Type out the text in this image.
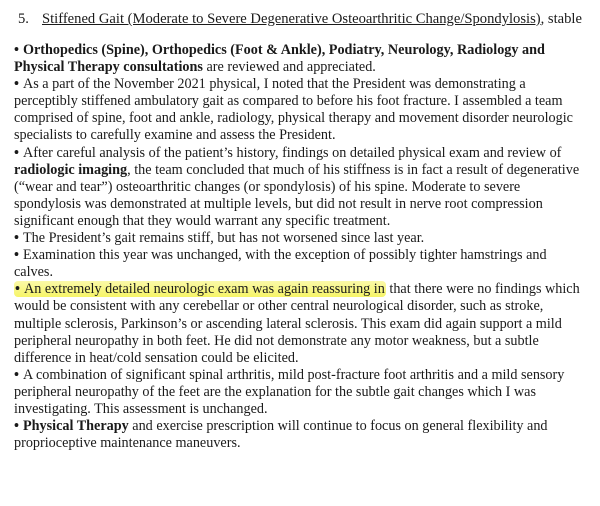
5. Stiffened Gait (Moderate to Severe Degenerative Osteoarthritic Change/Spondylosis), stable

• Orthopedics (Spine), Orthopedics (Foot & Ankle), Podiatry, Neurology, Radiology and Physical Therapy consultations are reviewed and appreciated.

• As a part of the November 2021 physical, I noted that the President was demonstrating a perceptibly stiffened ambulatory gait as compared to before his foot fracture. I assembled a team comprised of spine, foot and ankle, radiology, physical therapy and movement disorder neurologic specialists to carefully examine and assess the President.

• After careful analysis of the patient’s history, findings on detailed physical exam and review of radiologic imaging, the team concluded that much of his stiffness is in fact a result of degenerative (“wear and tear”) osteoarthritic changes (or spondylosis) of his spine. Moderate to severe spondylosis was demonstrated at multiple levels, but did not result in nerve root compression significant enough that they would warrant any specific treatment.

• The President’s gait remains stiff, but has not worsened since last year.

• Examination this year was unchanged, with the exception of possibly tighter hamstrings and calves.

• An extremely detailed neurologic exam was again reassuring in that there were no findings which would be consistent with any cerebellar or other central neurological disorder, such as stroke, multiple sclerosis, Parkinson’s or ascending lateral sclerosis. This exam did again support a mild peripheral neuropathy in both feet. He did not demonstrate any motor weakness, but a subtle difference in heat/cold sensation could be elicited.

• A combination of significant spinal arthritis, mild post-fracture foot arthritis and a mild sensory peripheral neuropathy of the feet are the explanation for the subtle gait changes which I was investigating. This assessment is unchanged.

• Physical Therapy and exercise prescription will continue to focus on general flexibility and proprioceptive maintenance maneuvers.
